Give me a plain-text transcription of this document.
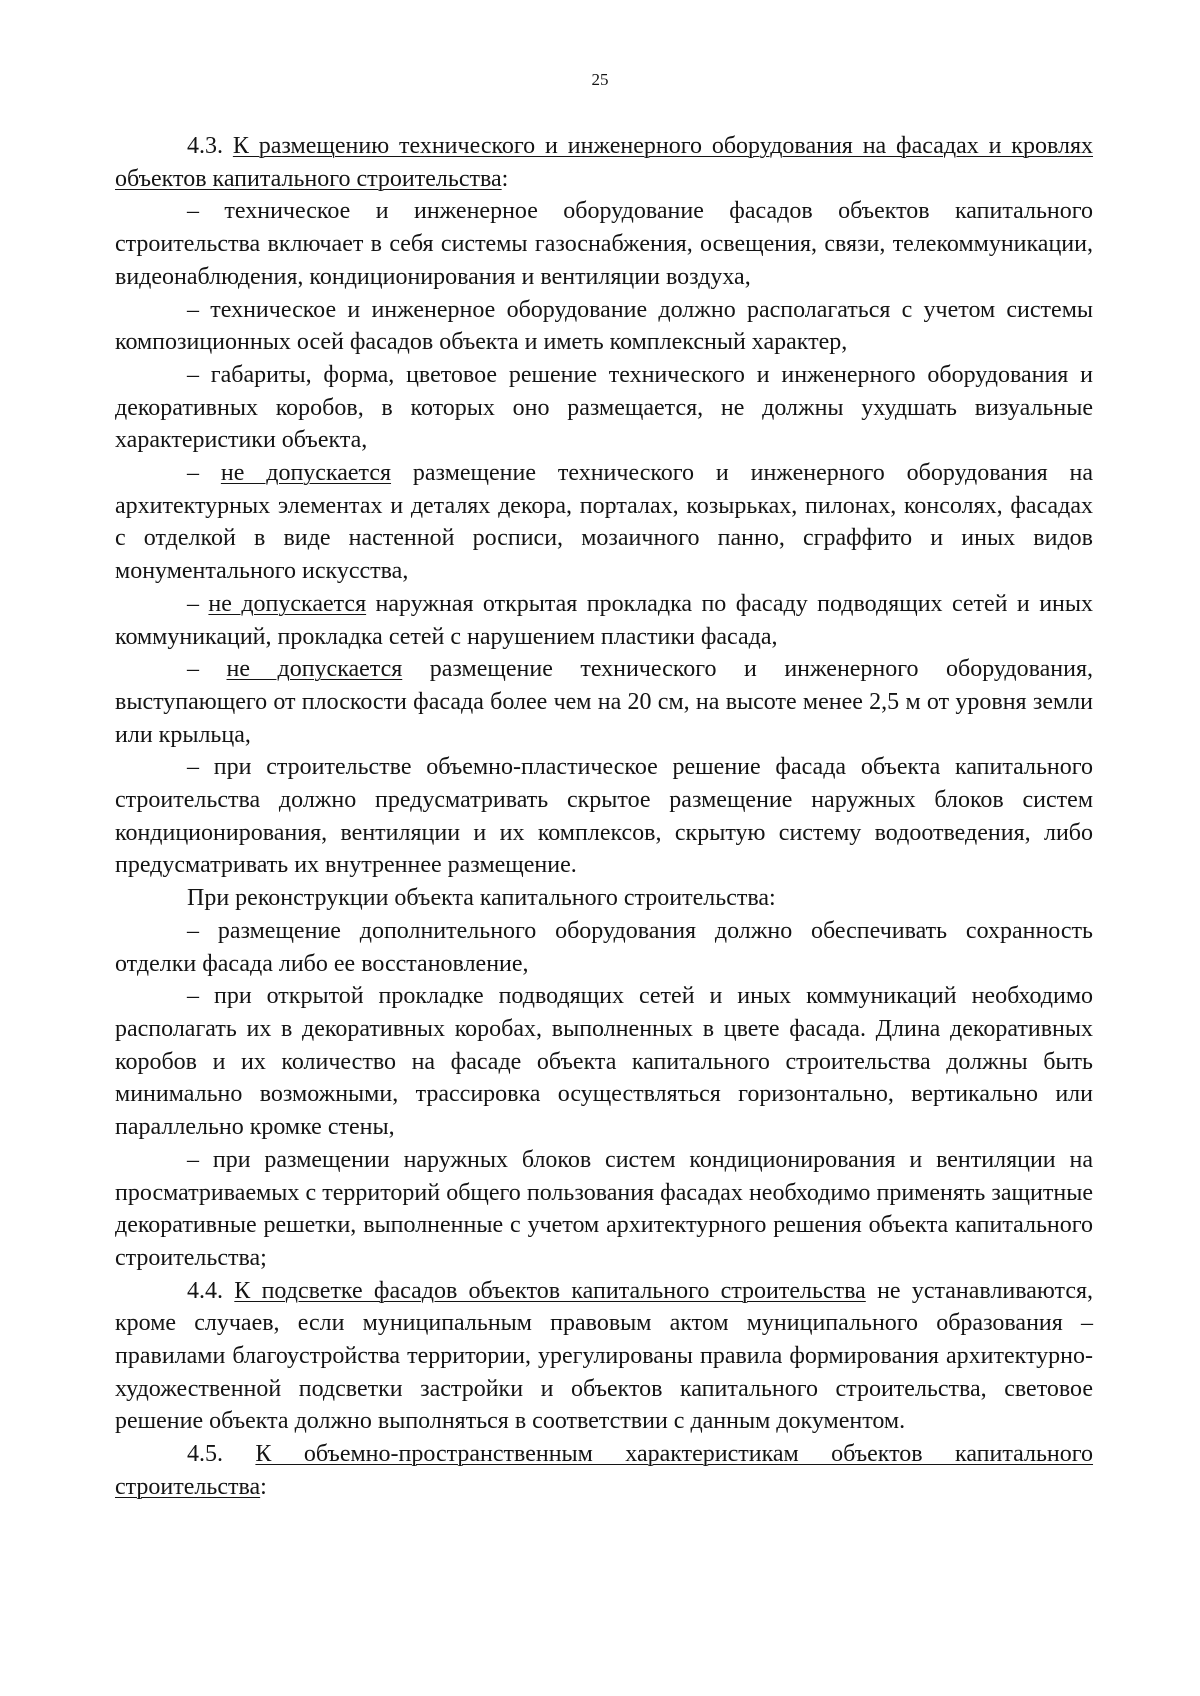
25

4.3. К размещению технического и инженерного оборудования на фасадах и кровлях объектов капитального строительства:

– техническое и инженерное оборудование фасадов объектов капитального строительства включает в себя системы газоснабжения, освещения, связи, телекоммуникации, видеонаблюдения, кондиционирования и вентиляции воздуха,

– техническое и инженерное оборудование должно располагаться с учетом системы композиционных осей фасадов объекта и иметь комплексный характер,

– габариты, форма, цветовое решение технического и инженерного оборудования и декоративных коробов, в которых оно размещается, не должны ухудшать визуальные характеристики объекта,

– не допускается размещение технического и инженерного оборудования на архитектурных элементах и деталях декора, порталах, козырьках, пилонах, консолях, фасадах с отделкой в виде настенной росписи, мозаичного панно, сграффито и иных видов монументального искусства,

– не допускается наружная открытая прокладка по фасаду подводящих сетей и иных коммуникаций, прокладка сетей с нарушением пластики фасада,

– не допускается размещение технического и инженерного оборудования, выступающего от плоскости фасада более чем на 20 см, на высоте менее 2,5 м от уровня земли или крыльца,

– при строительстве объемно-пластическое решение фасада объекта капитального строительства должно предусматривать скрытое размещение наружных блоков систем кондиционирования, вентиляции и их комплексов, скрытую систему водоотведения, либо предусматривать их внутреннее размещение.

При реконструкции объекта капитального строительства:

– размещение дополнительного оборудования должно обеспечивать сохранность отделки фасада либо ее восстановление,

– при открытой прокладке подводящих сетей и иных коммуникаций необходимо располагать их в декоративных коробах, выполненных в цвете фасада. Длина декоративных коробов и их количество на фасаде объекта капитального строительства должны быть минимально возможными, трассировка осуществляться горизонтально, вертикально или параллельно кромке стены,

– при размещении наружных блоков систем кондиционирования и вентиляции на просматриваемых с территорий общего пользования фасадах необходимо применять защитные декоративные решетки, выполненные с учетом архитектурного решения объекта капитального строительства;

4.4. К подсветке фасадов объектов капитального строительства не устанавливаются, кроме случаев, если муниципальным правовым актом муниципального образования – правилами благоустройства территории, урегулированы правила формирования архитектурно-художественной подсветки застройки и объектов капитального строительства, световое решение объекта должно выполняться в соответствии с данным документом.

4.5. К объемно-пространственным характеристикам объектов капитального строительства:
